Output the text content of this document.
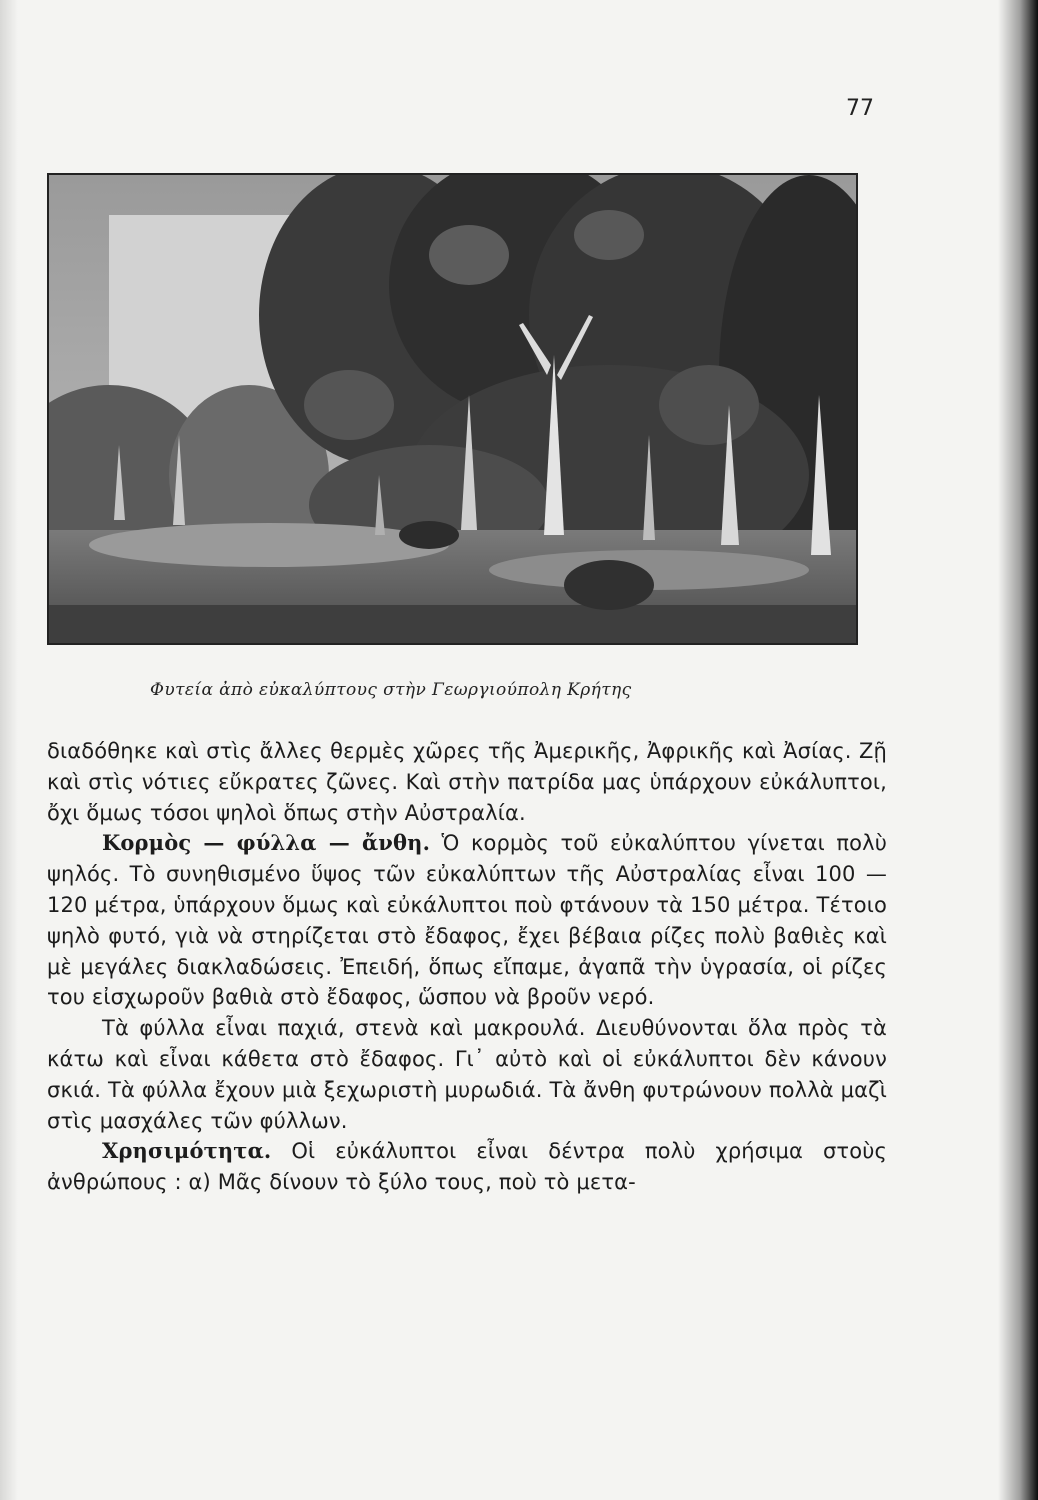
77
Φυτεία ἀπὸ εὐκαλύπτους στὴν Γεωργιούπολη Κρήτης

διαδόθηκε καὶ στὶς ἄλλες θερμὲς χῶρες τῆς Ἀμερικῆς, Ἀφρικῆς καὶ Ἀσίας. Ζῇ καὶ στὶς νότιες εὔκρατες ζῶνες. Καὶ στὴν πατρίδα μας ὑπάρχουν εὐκάλυπτοι, ὄχι ὅμως τόσοι ψηλοὶ ὅπως στὴν Αὐστραλία.

Κορμὸς — φύλλα — ἄνθη. Ὁ κορμὸς τοῦ εὐκαλύπτου γίνεται πολὺ ψηλός. Τὸ συνηθισμένο ὕψος τῶν εὐκαλύπτων τῆς Αὐστραλίας εἶναι 100 — 120 μέτρα, ὑπάρχουν ὅμως καὶ εὐκάλυπτοι ποὺ φτάνουν τὰ 150 μέτρα. Τέτοιο ψηλὸ φυτό, γιὰ νὰ στηρίζεται στὸ ἔδαφος, ἔχει βέβαια ρίζες πολὺ βαθιὲς καὶ μὲ μεγάλες διακλαδώσεις. Ἐπειδή, ὅπως εἴπαμε, ἀγαπᾶ τὴν ὑγρασία, οἱ ρίζες του εἰσχωροῦν βαθιὰ στὸ ἔδαφος, ὥσπου νὰ βροῦν νερό.

Τὰ φύλλα εἶναι παχιά, στενὰ καὶ μακρουλά. Διευθύνονται ὅλα πρὸς τὰ κάτω καὶ εἶναι κάθετα στὸ ἔδαφος. Γι᾿ αὐτὸ καὶ οἱ εὐκάλυπτοι δὲν κάνουν σκιά. Τὰ φύλλα ἔχουν μιὰ ξεχωριστὴ μυρωδιά. Τὰ ἄνθη φυτρώνουν πολλὰ μαζὶ στὶς μασχάλες τῶν φύλλων.

Χρησιμότητα. Οἱ εὐκάλυπτοι εἶναι δέντρα πολὺ χρήσιμα στοὺς ἀνθρώπους : α) Μᾶς δίνουν τὸ ξύλο τους, ποὺ τὸ μετα-
